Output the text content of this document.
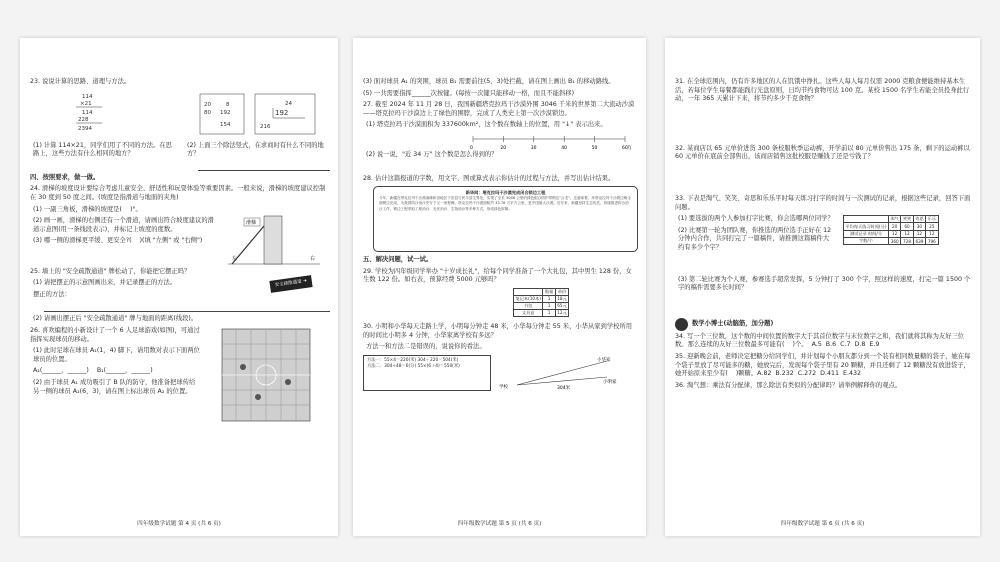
23. 说说计算的思路、道理与方法。
114
×21
114
228
2394
20
80
8
192
154
24
192
216
(1) 计算 114×21，同学们用了不同的方法。在思路上，这些方法有什么相同的地方？
(2) 上面三个除法竖式，在求商时有什么不同的地方？
四、按照要求，做一做。
24. 滑梯的坡度设计要综合考虑儿童安全、舒适性和玩耍体验等重要因素。一般来说，滑梯的坡度建议控制在 30 度到 50 度之间。(坡度是指滑道与地面的夹角)
(1) 一副三角板，滑梯的坡度是(    )°。
(2) 画一画，滑梯的右侧还有一个滑道，请画出符合坡度建议的滑道示意图(用一条线段表示)，并标记上坡度的度数。
(3) 哪一侧的滑梯更平缓、更安全?(    )(填 "左侧" 或 "右侧")
滑梯
左	右
25. 墙上的 "安全疏散通道" 牌松动了，你能把它摆正吗？
(1) 请把摆正的示意图画出来，并记录摆正的方法。
摆正的方法：
安全疏散通道 ➜
(2) 请画出摆正后 "安全疏散通道" 牌与地面的距离(线段)。
26. 喜欢编程的小新设计了一个 6 人足球游戏(如图)，可通过指挥实现球员的移动。
(1) 此时足球在球员 A₁(1，4) 脚下，请用数对表示下面两位球员的位置。
A₂(______，______)    B₁(______，______)
(2) 由于球员 A₁ 成功吸引了 B 队的防守，他准备把球传给另一侧的球员 A₂(6，3)，请在图上标出球员 A₂ 的位置。
四年级数学试题 第 4 页 (共 6 页)
(3) 面对球员 A₁ 的突围，球员 B₁ 需要前往(5，3)处拦截，请在图上画出 B₁ 的移动路线。
(5) 一共需要指挥______次按键。(每按一次键只能移动一格，而且不能斜移)
27. 截至 2024 年 11 月 28 日，我国新疆塔克拉玛干沙漠外围 3046 千米的世界第二大流动沙漠——塔克拉玛干沙漠边上了绿色的围脖，完成了人类史上第一次沙漠锁边。
(1) 塔克拉玛干沙漠面积为 337600km²，这个数在数轴上的位置，用 "↓" 表示出来。
0	20	30	40	50	60 万
(2) 说一说，"近 34 万" 这个数是怎么得到的？
28. 估计这篇报道的字数，用文字、图或算式表示你估计的过程与方法，并写出估计结果。
新华网：塔克拉玛干沙漠完成闭合锁边工程
今年，新疆在塔克拉玛干沙漠南缘和田地区于田县与民丰县交界处，实现了全长 3046 公里的绿色阻沙防护带锁边"合龙"。这意味着，环塔克拉玛干沙漠边缘全面锁边完成，为我国防沙治沙史写下又一里程碑。塔克拉玛干沙漠面积约 33.76 万平方公里，是中国最大沙漠。近年来，新疆坚持生态优先，持续推进防沙治沙工作，锁边工程采取工程治沙、光伏治沙、生物治沙等多种方式，形成绿色屏障。
五、解决问题，试一试。
29. 学校为四年级同学举办 "十岁成长礼"，给每个同学准备了一个大礼包，其中男生 128 份，女生数 122 份。如右表，预算经费 5000 元够吗？
	数量	单价
笔记本(10本)	1	18元
书包	1	65元
文具盒	1	12元
30. 小明和小华每天走路上学，小明每分钟走 48 米，小华每分钟走 55 米，小华从家到学校所用的时间比小明多 4 分钟，小华家离学校有多远？
方法一和方法二是错误的，说说你的看法。
方法一：55×4＝220(米) 304＋220＝504(米)
方法二：304÷48＝6(分) 55×(6＋4)＝550(米)
学校
小华家
小明家
304米
四年级数学试题 第 5 页 (共 6 页)
31. 在全球范围内，仍有许多地区的人在饥饿中挣扎。这些人每人每月仅需 2000 克粮食便能维持基本生活，若每位学生每餐都能践行光盘原则，日均节约食物可达 100 克。某校 1500 名学生若能全员投身此行动，一年 365 天累计下来，将节约多少千克食物？
32. 某商店以 65 元单价进货 300 条校服秋季运动裤，开学前以 80 元单价售出 175 条，剩下的运动裤以 60 元单价在底前全部售出，该商店销售这批校服是赚钱了还是亏钱了？
33. 下表是淘气、笑笑、奇思和乐乐平时每天练习打字的时间与一次测试的记录，根据这些记录，回答下面问题。
(1) 要选拔的两个人参加打字比赛，你会选哪两位同学？
(2) 比赛第一轮为团队赛，你推选的两位选手正好在 12 分钟内合作，共同打完了一篇稿件，请推测这篇稿件大约有多少个字？
	淘气	笑笑	奇思	乐乐
平均每天练习时间(分)	20	60	30	25
测试记录 时间/分	12	12	12	12
字数/个	360	728	639	796
(3) 第二轮比赛为个人赛，参赛选手超常发挥，5 分钟打了 300 个字，照这样的速度，打完一篇 1500 个字的稿件需要多长时间？
数学小博士(动脑筋，加分题)
34. 写一个三位数，这个数的中间位置的数字大于其首位数字与末位数字之和，我们就将其称为友好三位数。那么连续的友好三位数最多可能有(    )个。  A.5  B.6  C.7  D.8  E.9
35. 迎新晚会前，老师决定把糖分给同学们，并计划每个小朋友都分到一个装有相同数量糖的袋子，她在每个袋子里放了尽可能多的糖，她放完后，发现每个袋子里有 20 颗糖，并且还剩了 12 颗糖没有放进袋子，她开始原来至少有(    )颗糖。A.82  B.232  C.272  D.411  E.432
36. 淘气想：乘法有分配律，那么除法有类似的分配律吗？请举例解释你的观点。
四年级数学试题 第 6 页 (共 6 页)
